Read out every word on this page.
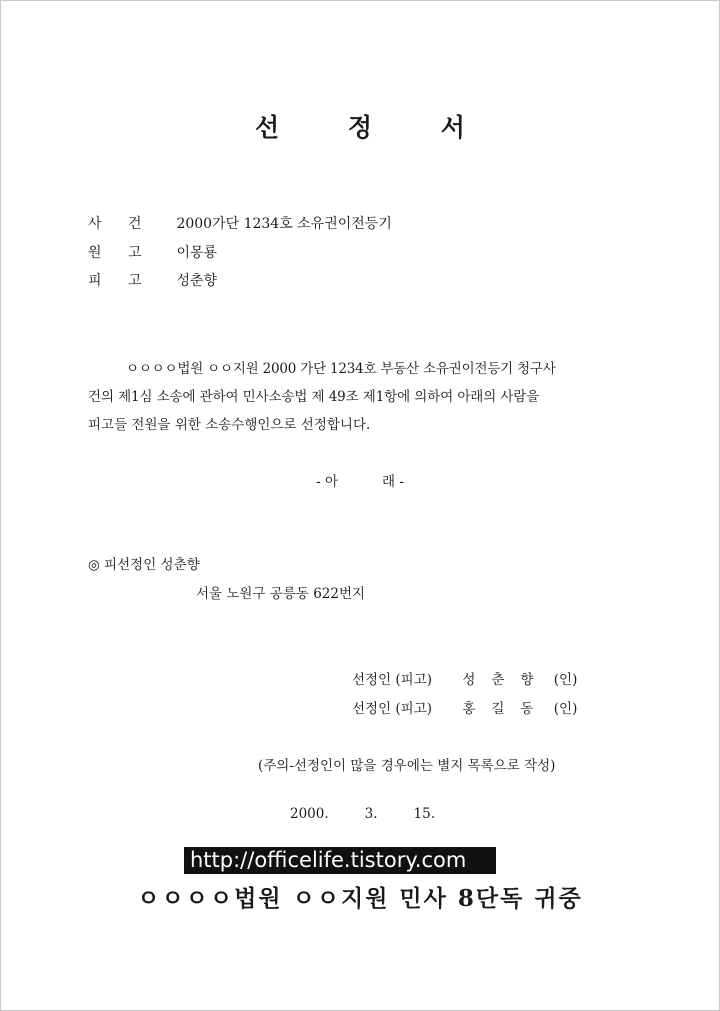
선	정	서
사 건 2000가단 1234호 소유권이전등기
원 고 이몽룡
피 고 성춘향
ㅇㅇㅇㅇ법원 ㅇㅇ지원 2000 가단 1234호 부동산 소유권이전등기 청구사
건의 제1심 소송에 관하여 민사소송법 제 49조 제1항에 의하여 아래의 사람을
피고들 전원을 위한 소송수행인으로 선정합니다.
- 아	래 -
◎ 피선정인 성춘향
서울 노원구 공릉동 622번지
선정인 (피고) 성 춘 향 (인)
선정인 (피고) 홍 길 동 (인)
(주의-선정인이 많을 경우에는 별지 목록으로 작성)
2000.	3.	15.
http://officelife.tistory.com
ㅇㅇㅇㅇ법원 ㅇㅇ지원 민사 8단독 귀중
